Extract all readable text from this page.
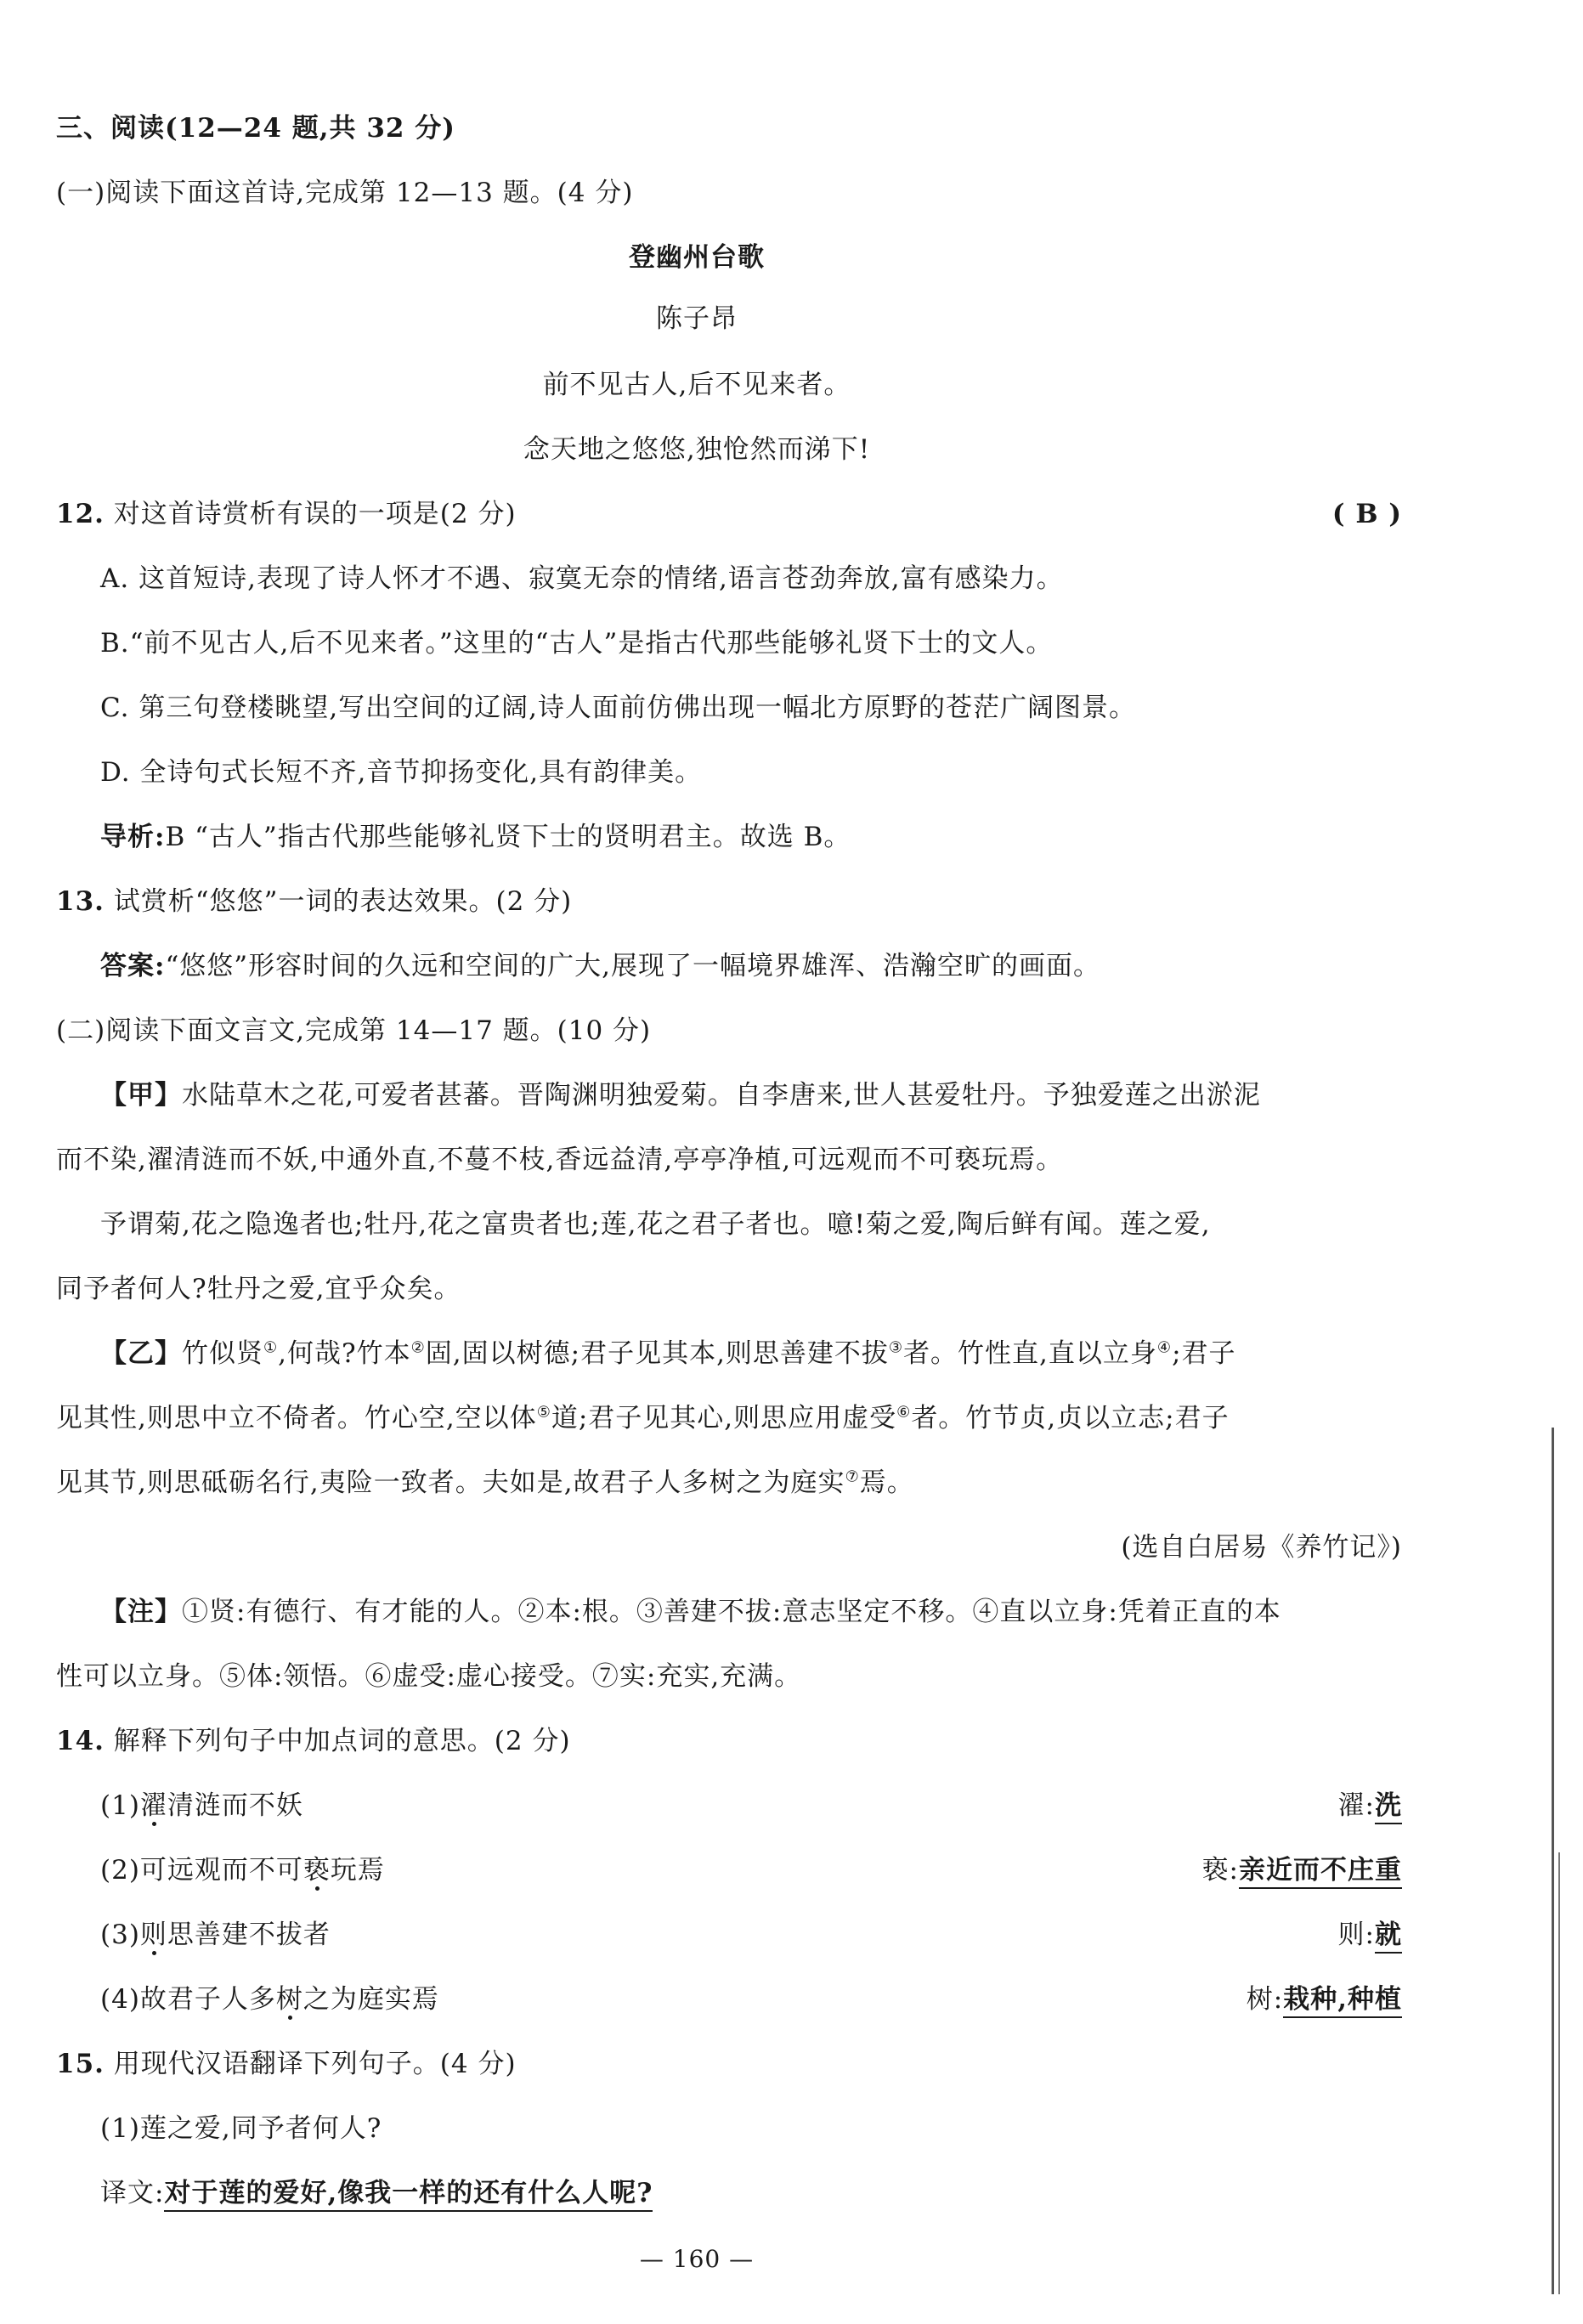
三、阅读(12—24 题,共 32 分)
(一)阅读下面这首诗,完成第 12—13 题。(4 分)
登幽州台歌
陈子昂
前不见古人,后不见来者。
念天地之悠悠,独怆然而涕下!
12. 对这首诗赏析有误的一项是(2 分)	( B )
A. 这首短诗,表现了诗人怀才不遇、寂寞无奈的情绪,语言苍劲奔放,富有感染力。
B.“前不见古人,后不见来者。”这里的“古人”是指古代那些能够礼贤下士的文人。
C. 第三句登楼眺望,写出空间的辽阔,诗人面前仿佛出现一幅北方原野的苍茫广阔图景。
D. 全诗句式长短不齐,音节抑扬变化,具有韵律美。
导析:B “古人”指古代那些能够礼贤下士的贤明君主。故选 B。
13. 试赏析“悠悠”一词的表达效果。(2 分)
答案:“悠悠”形容时间的久远和空间的广大,展现了一幅境界雄浑、浩瀚空旷的画面。
(二)阅读下面文言文,完成第 14—17 题。(10 分)
【甲】水陆草木之花,可爱者甚蕃。晋陶渊明独爱菊。自李唐来,世人甚爱牡丹。予独爱莲之出淤泥
而不染,濯清涟而不妖,中通外直,不蔓不枝,香远益清,亭亭净植,可远观而不可亵玩焉。
予谓菊,花之隐逸者也;牡丹,花之富贵者也;莲,花之君子者也。噫!菊之爱,陶后鲜有闻。莲之爱,
同予者何人?牡丹之爱,宜乎众矣。
【乙】竹似贤①,何哉?竹本②固,固以树德;君子见其本,则思善建不拔③者。竹性直,直以立身④;君子
见其性,则思中立不倚者。竹心空,空以体⑤道;君子见其心,则思应用虚受⑥者。竹节贞,贞以立志;君子
见其节,则思砥砺名行,夷险一致者。夫如是,故君子人多树之为庭实⑦焉。
(选自白居易《养竹记》)
【注】①贤:有德行、有才能的人。②本:根。③善建不拔:意志坚定不移。④直以立身:凭着正直的本
性可以立身。⑤体:领悟。⑥虚受:虚心接受。⑦实:充实,充满。
14. 解释下列句子中加点词的意思。(2 分)
(1)濯清涟而不妖	濯:洗
(2)可远观而不可亵玩焉	亵:亲近而不庄重
(3)则思善建不拔者	则:就
(4)故君子人多树之为庭实焉	树:栽种,种植
15. 用现代汉语翻译下列句子。(4 分)
(1)莲之爱,同予者何人?
译文:对于莲的爱好,像我一样的还有什么人呢?
— 160 —
